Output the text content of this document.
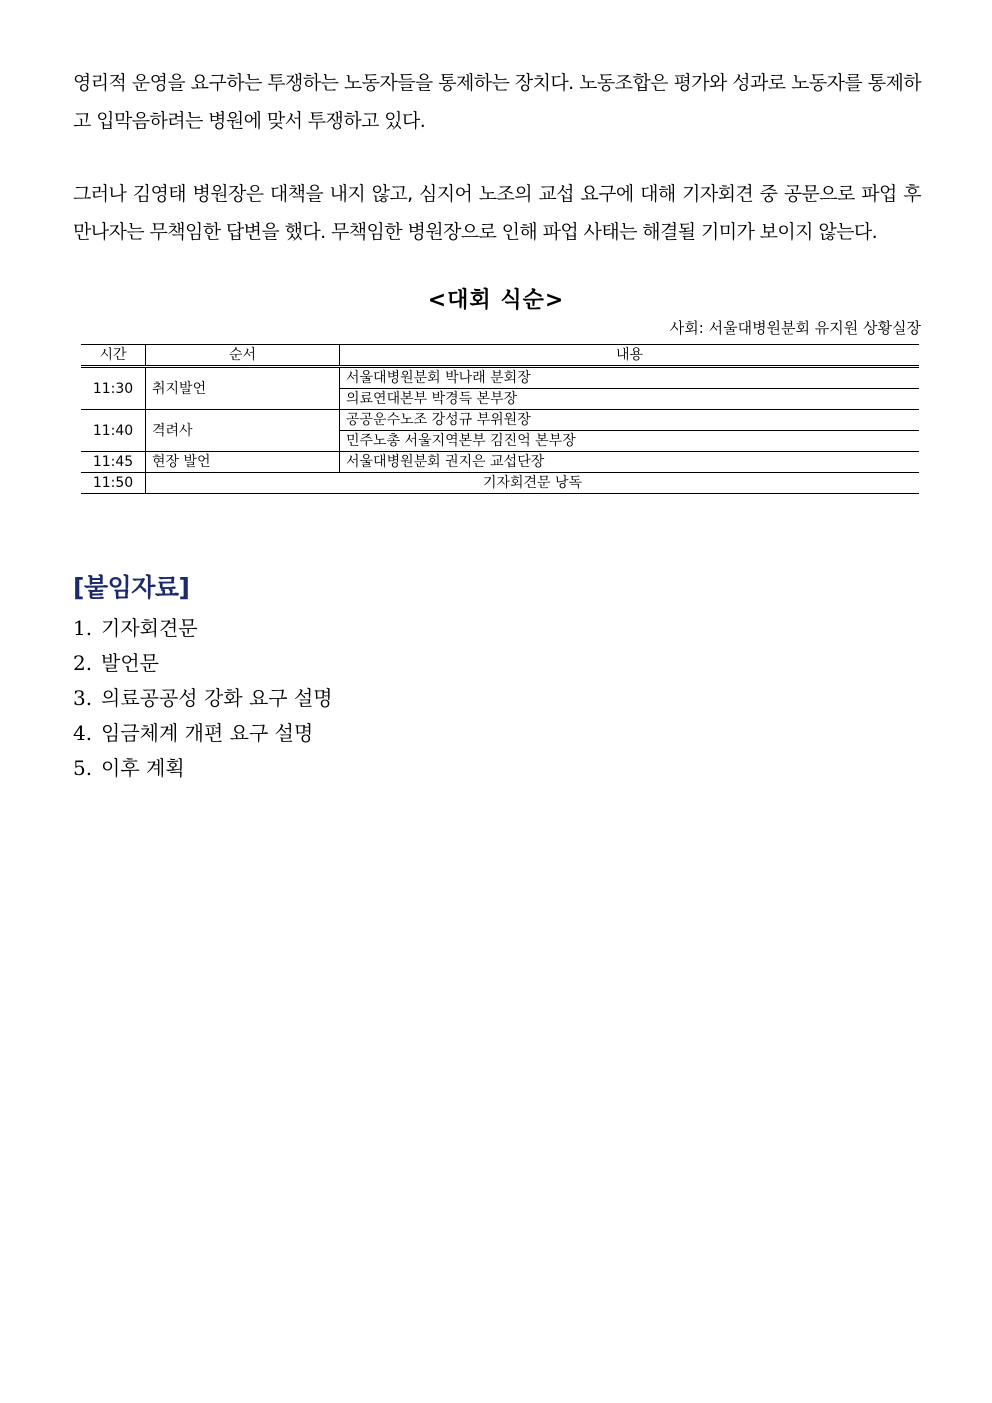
영리적 운영을 요구하는 투쟁하는 노동자들을 통제하는 장치다. 노동조합은 평가와 성과로 노동자를 통제하고 입막음하려는 병원에 맞서 투쟁하고 있다.

그러나 김영태 병원장은 대책을 내지 않고, 심지어 노조의 교섭 요구에 대해 기자회견 중 공문으로 파업 후 만나자는 무책임한 답변을 했다. 무책임한 병원장으로 인해 파업 사태는 해결될 기미가 보이지 않는다.

<대회 식순>
사회: 서울대병원분회 유지원 상황실장
시간	순서	내용
11:30	취지발언	서울대병원분회 박나래 분회장
		의료연대본부 박경득 본부장
11:40	격려사	공공운수노조 강성규 부위원장
		민주노총 서울지역본부 김진억 본부장
11:45	현장 발언	서울대병원분회 권지은 교섭단장
11:50	기자회견문 낭독	
[붙임자료]
1. 기자회견문
2. 발언문
3. 의료공공성 강화 요구 설명
4. 임금체계 개편 요구 설명
5. 이후 계획
